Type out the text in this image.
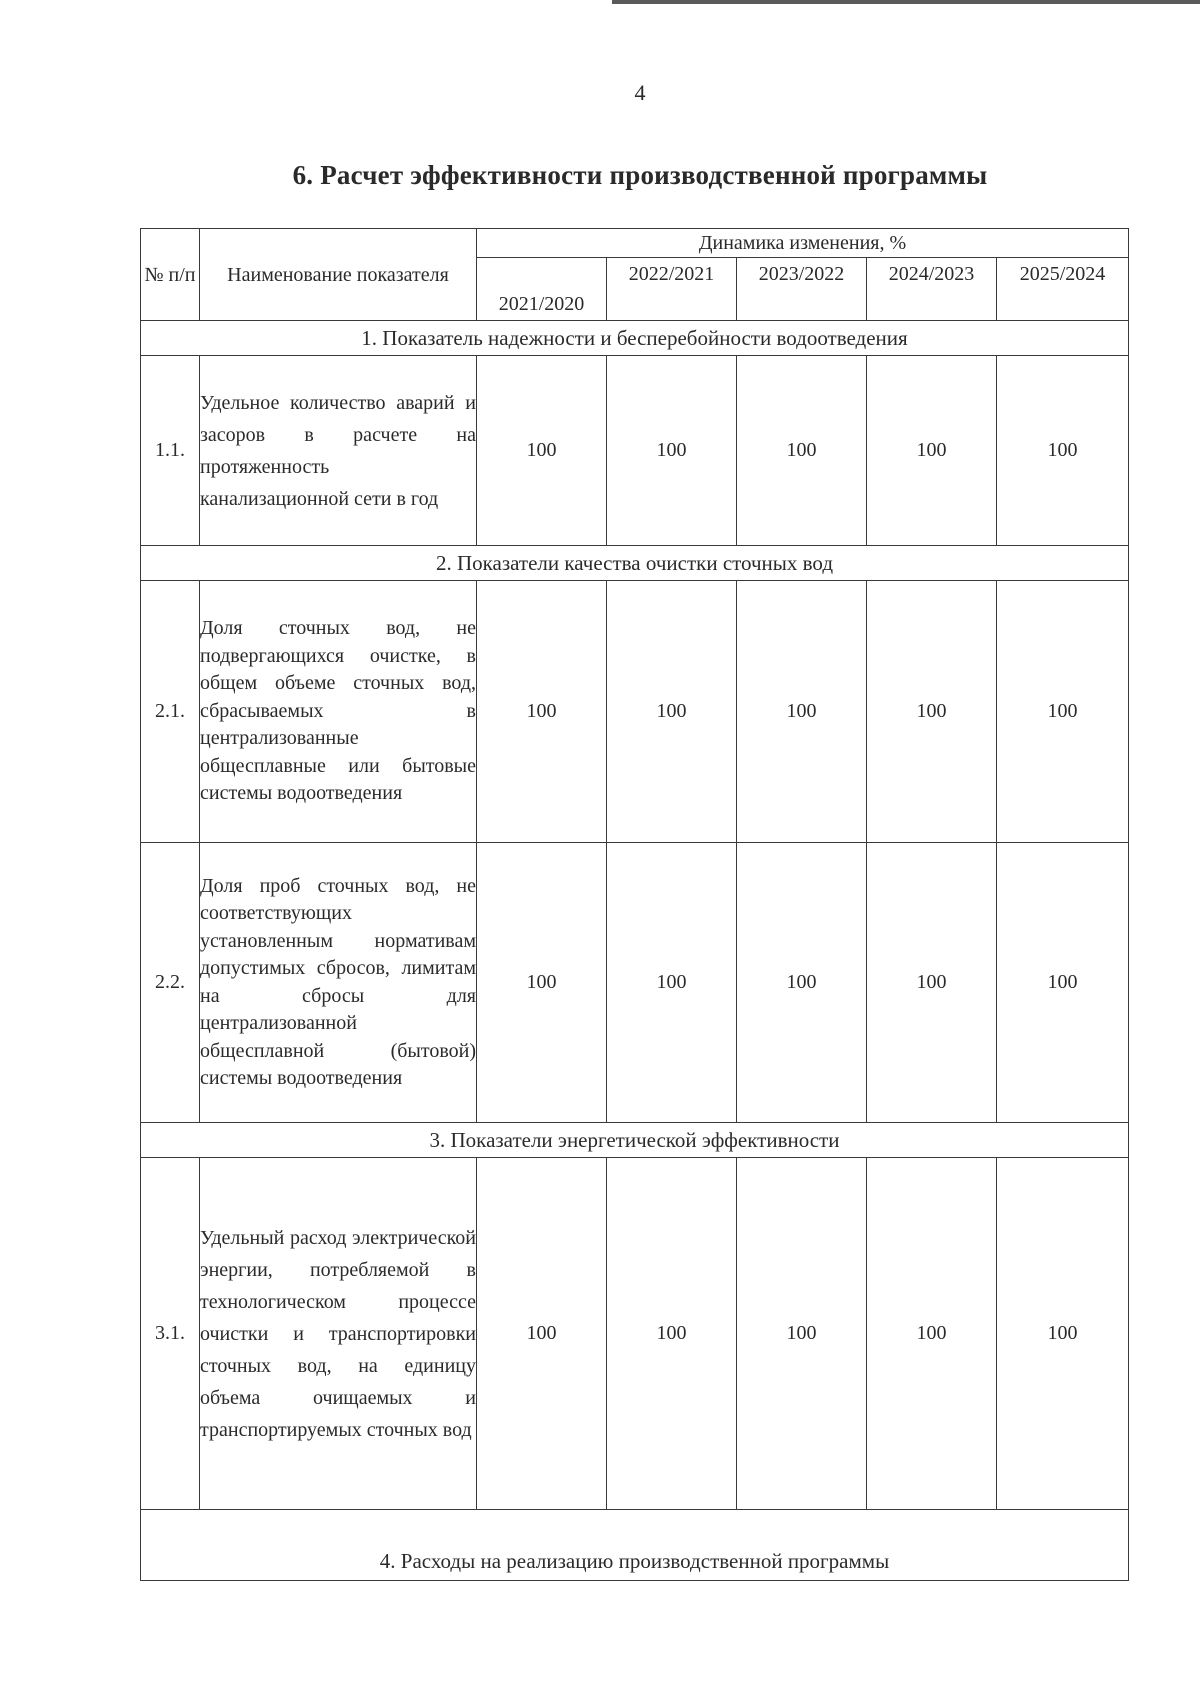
4
6. Расчет эффективности производственной программы
№ п/п	Наименование показателя	Динамика изменения, %				
		2021/2020	2022/2021	2023/2022	2024/2023	2025/2024
1. Показатель надежности и бесперебойности водоотведения						
1.1.	Удельное количество аварий и засоров в расчете на протяженность канализационной сети в год	100	100	100	100	100
2. Показатели качества очистки сточных вод						
2.1.	Доля сточных вод, не подвергающихся очистке, в общем объеме сточных вод, сбрасываемых в централизованные общесплавные или бытовые системы водоотведения	100	100	100	100	100
2.2.	Доля проб сточных вод, не соответствующих установленным нормативам допустимых сбросов, лимитам на сбросы для централизованной общесплавной (бытовой) системы водоотведения	100	100	100	100	100
3. Показатели энергетической эффективности						
3.1.	Удельный расход электрической энергии, потребляемой в технологическом процессе очистки и транспортировки сточных вод, на единицу объема очищаемых и транспортируемых сточных вод	100	100	100	100	100
4. Расходы на реализацию производственной программы						
